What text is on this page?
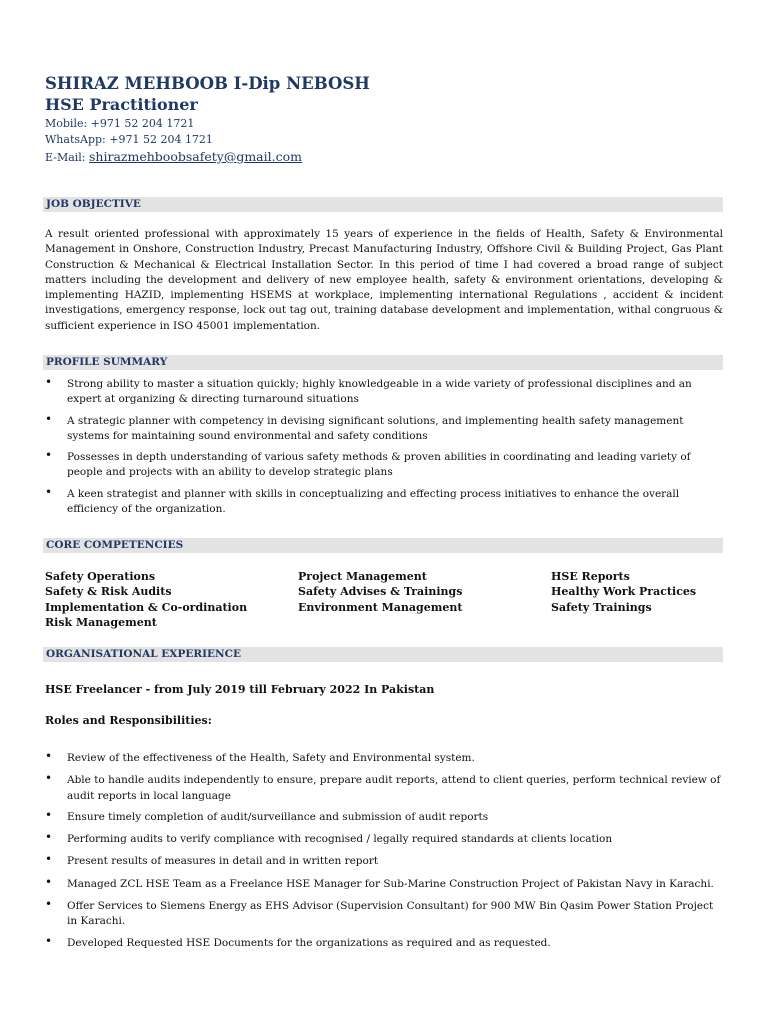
SHIRAZ MEHBOOB I-Dip NEBOSH
HSE Practitioner
Mobile: +971 52 204 1721
WhatsApp: +971 52 204 1721
E-Mail: shirazmehboobsafety@gmail.com
JOB OBJECTIVE

A result oriented professional with approximately 15 years of experience in the fields of Health, Safety & Environmental Management in Onshore, Construction Industry, Precast Manufacturing Industry, Offshore Civil & Building Project, Gas Plant Construction & Mechanical & Electrical Installation Sector. In this period of time I had covered a broad range of subject matters including the development and delivery of new employee health, safety & environment orientations, developing & implementing HAZID, implementing HSEMS at workplace, implementing international Regulations , accident & incident investigations, emergency response, lock out tag out, training database development and implementation, withal congruous & sufficient experience in ISO 45001 implementation.

PROFILE SUMMARY
• Strong ability to master a situation quickly; highly knowledgeable in a wide variety of professional disciplines and an expert at organizing & directing turnaround situations
• A strategic planner with competency in devising significant solutions, and implementing health safety management systems for maintaining sound environmental and safety conditions
• Possesses in depth understanding of various safety methods & proven abilities in coordinating and leading variety of people and projects with an ability to develop strategic plans
• A keen strategist and planner with skills in conceptualizing and effecting process initiatives to enhance the overall efficiency of the organization.
CORE COMPETENCIES
Safety Operations
Safety & Risk Audits
Implementation & Co-ordination
Risk Management
Project Management
Safety Advises & Trainings
Environment Management
HSE Reports
Healthy Work Practices
Safety Trainings
ORGANISATIONAL EXPERIENCE
HSE Freelancer - from July 2019 till February 2022 In Pakistan
Roles and Responsibilities:
• Review of the effectiveness of the Health, Safety and Environmental system.
• Able to handle audits independently to ensure, prepare audit reports, attend to client queries, perform technical review of audit reports in local language
• Ensure timely completion of audit/surveillance and submission of audit reports
• Performing audits to verify compliance with recognised / legally required standards at clients location
• Present results of measures in detail and in written report
• Managed ZCL HSE Team as a Freelance HSE Manager for Sub-Marine Construction Project of Pakistan Navy in Karachi.
• Offer Services to Siemens Energy as EHS Advisor (Supervision Consultant) for 900 MW Bin Qasim Power Station Project in Karachi.
• Developed Requested HSE Documents for the organizations as required and as requested.
